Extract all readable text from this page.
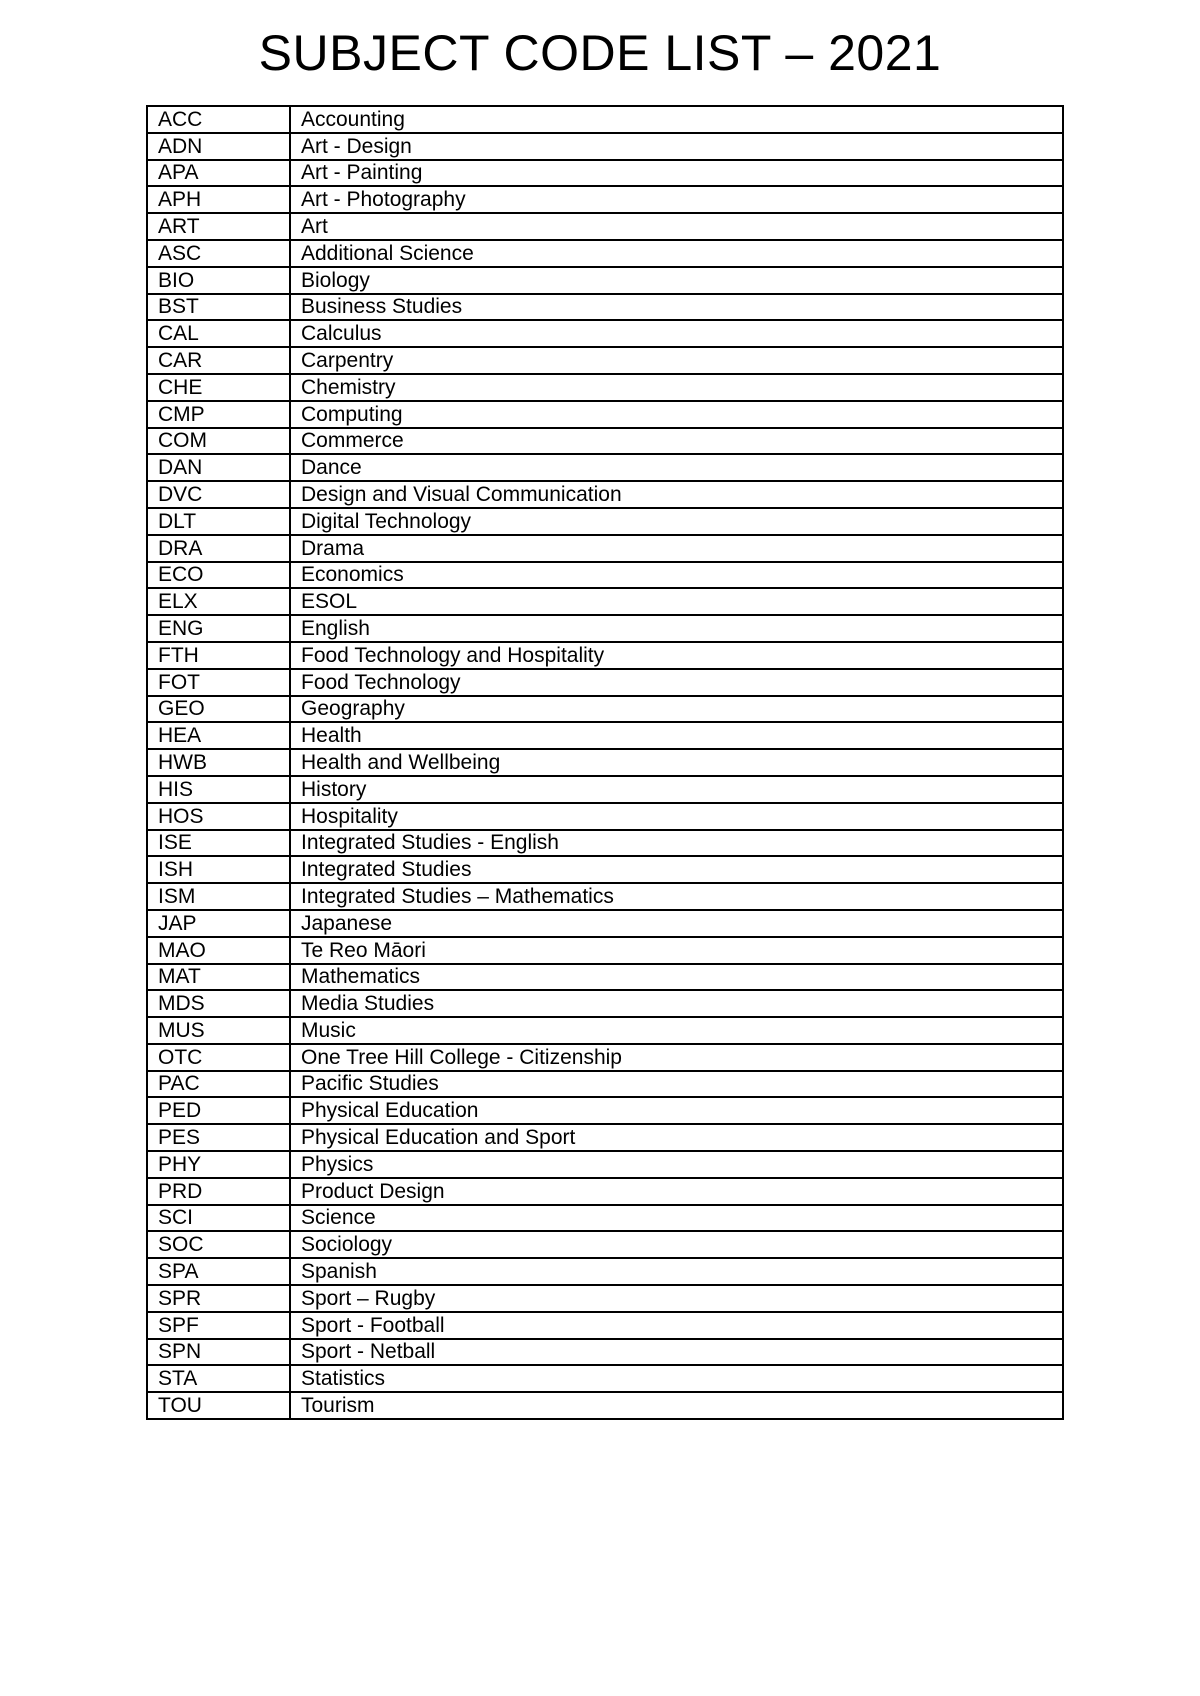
SUBJECT CODE LIST – 2021
ACC	Accounting
ADN	Art - Design
APA	Art - Painting
APH	Art - Photography
ART	Art
ASC	Additional Science
BIO	Biology
BST	Business Studies
CAL	Calculus
CAR	Carpentry
CHE	Chemistry
CMP	Computing
COM	Commerce
DAN	Dance
DVC	Design and Visual Communication
DLT	Digital Technology
DRA	Drama
ECO	Economics
ELX	ESOL
ENG	English
FTH	Food Technology and Hospitality
FOT	Food Technology
GEO	Geography
HEA	Health
HWB	Health and Wellbeing
HIS	History
HOS	Hospitality
ISE	Integrated Studies - English
ISH	Integrated Studies
ISM	Integrated Studies – Mathematics
JAP	Japanese
MAO	Te Reo Māori
MAT	Mathematics
MDS	Media Studies
MUS	Music
OTC	One Tree Hill College - Citizenship
PAC	Pacific Studies
PED	Physical Education
PES	Physical Education and Sport
PHY	Physics
PRD	Product Design
SCI	Science
SOC	Sociology
SPA	Spanish
SPR	Sport – Rugby
SPF	Sport - Football
SPN	Sport - Netball
STA	Statistics
TOU	Tourism
